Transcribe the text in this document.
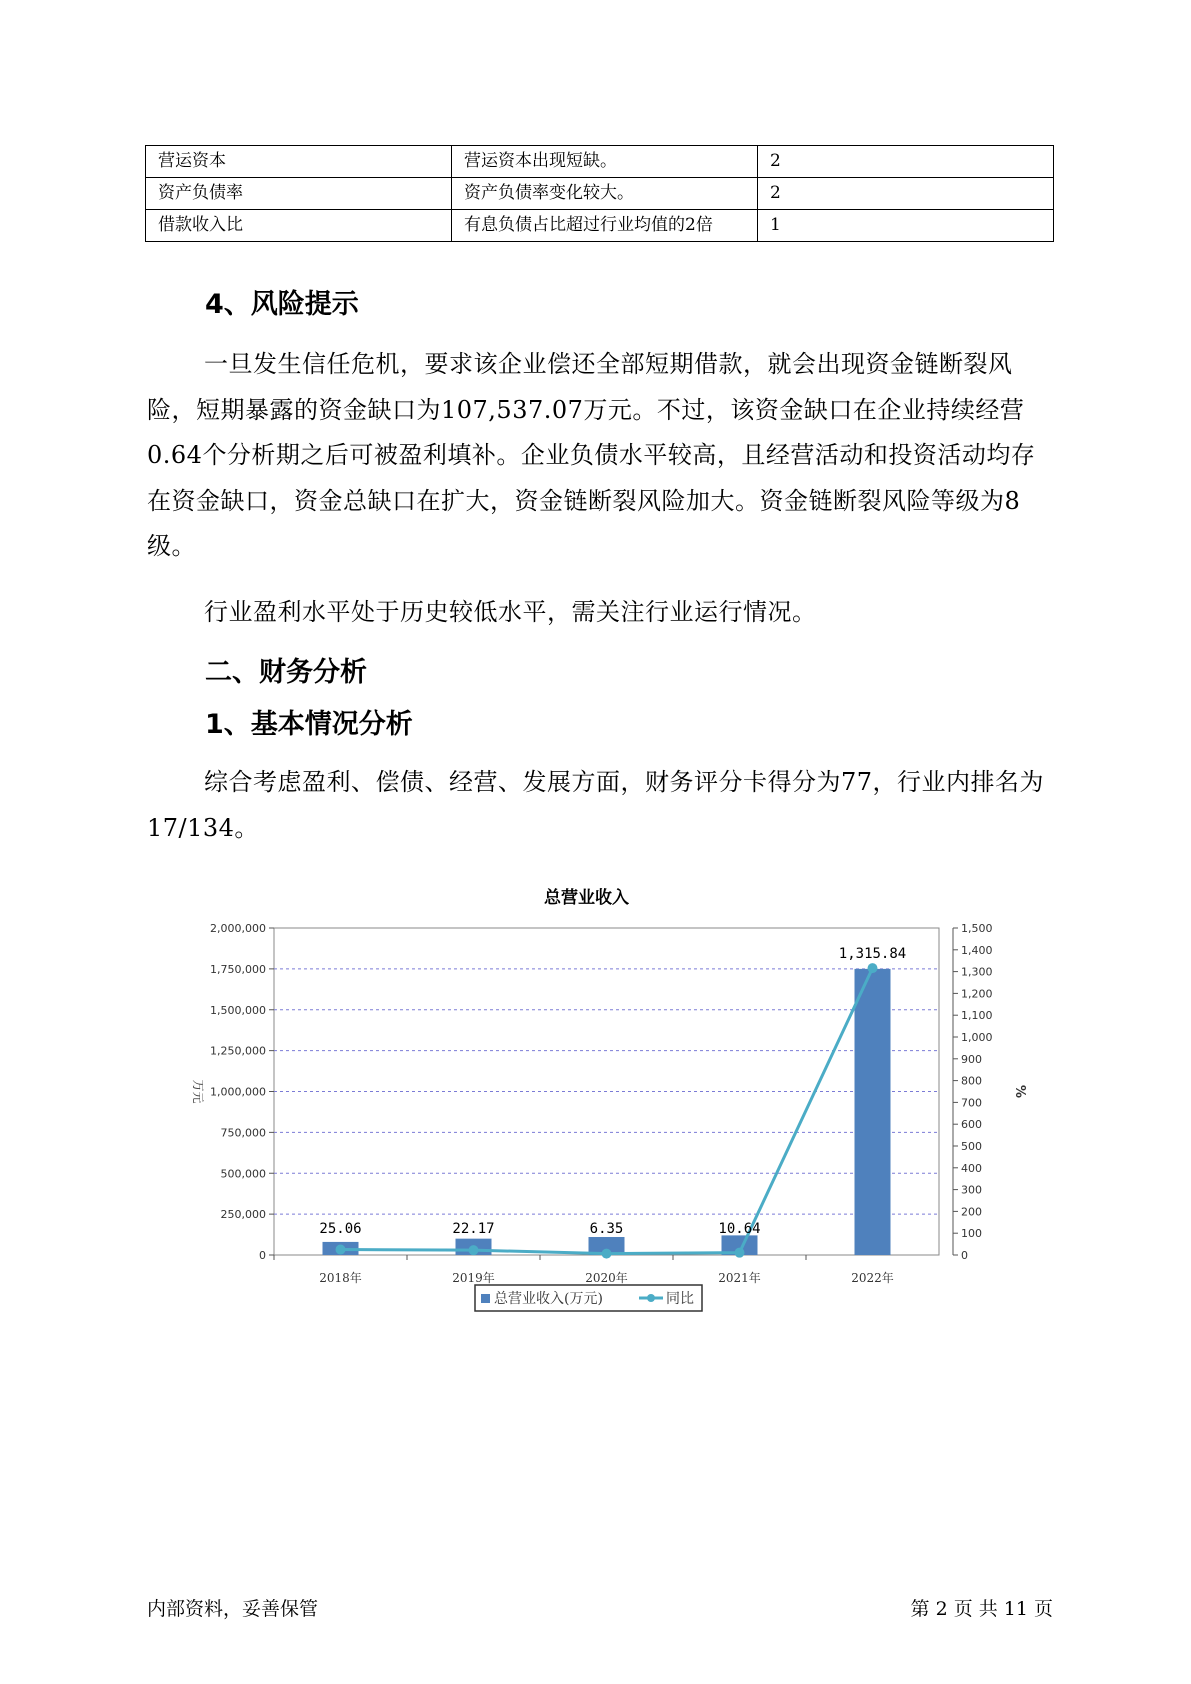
营运资本	营运资本出现短缺。	2
资产负债率	资产负债率变化较大。	2
借款收入比	有息负债占比超过行业均值的2倍	1
4、风险提示
一旦发生信任危机，要求该企业偿还全部短期借款，就会出现资金链断裂风险，短期暴露的资金缺口为107,537.07万元。不过，该资金缺口在企业持续经营 0.64个分析期之后可被盈利填补。企业负债水平较高，且经营活动和投资活动均存在资金缺口，资金总缺口在扩大，资金链断裂风险加大。资金链断裂风险等级为8级。
行业盈利水平处于历史较低水平，需关注行业运行情况。
二、财务分析
1、基本情况分析
综合考虑盈利、偿债、经营、发展方面，财务评分卡得分为77，行业内排名为17/134。
总营业收入
0
250,000
500,000
750,000
1,000,000
1,250,000
1,500,000
1,750,000
2,000,000
0
100
200
300
400
500
600
700
800
900
1,000
1,100
1,200
1,300
1,400
1,500
万元	%
2018年	2019年	2020年	2021年	2022年
25.06	22.17	6.35	10.64
1,315.84
总营业收入(万元)	同比
内部资料，妥善保管	第 2 页 共 11 页
